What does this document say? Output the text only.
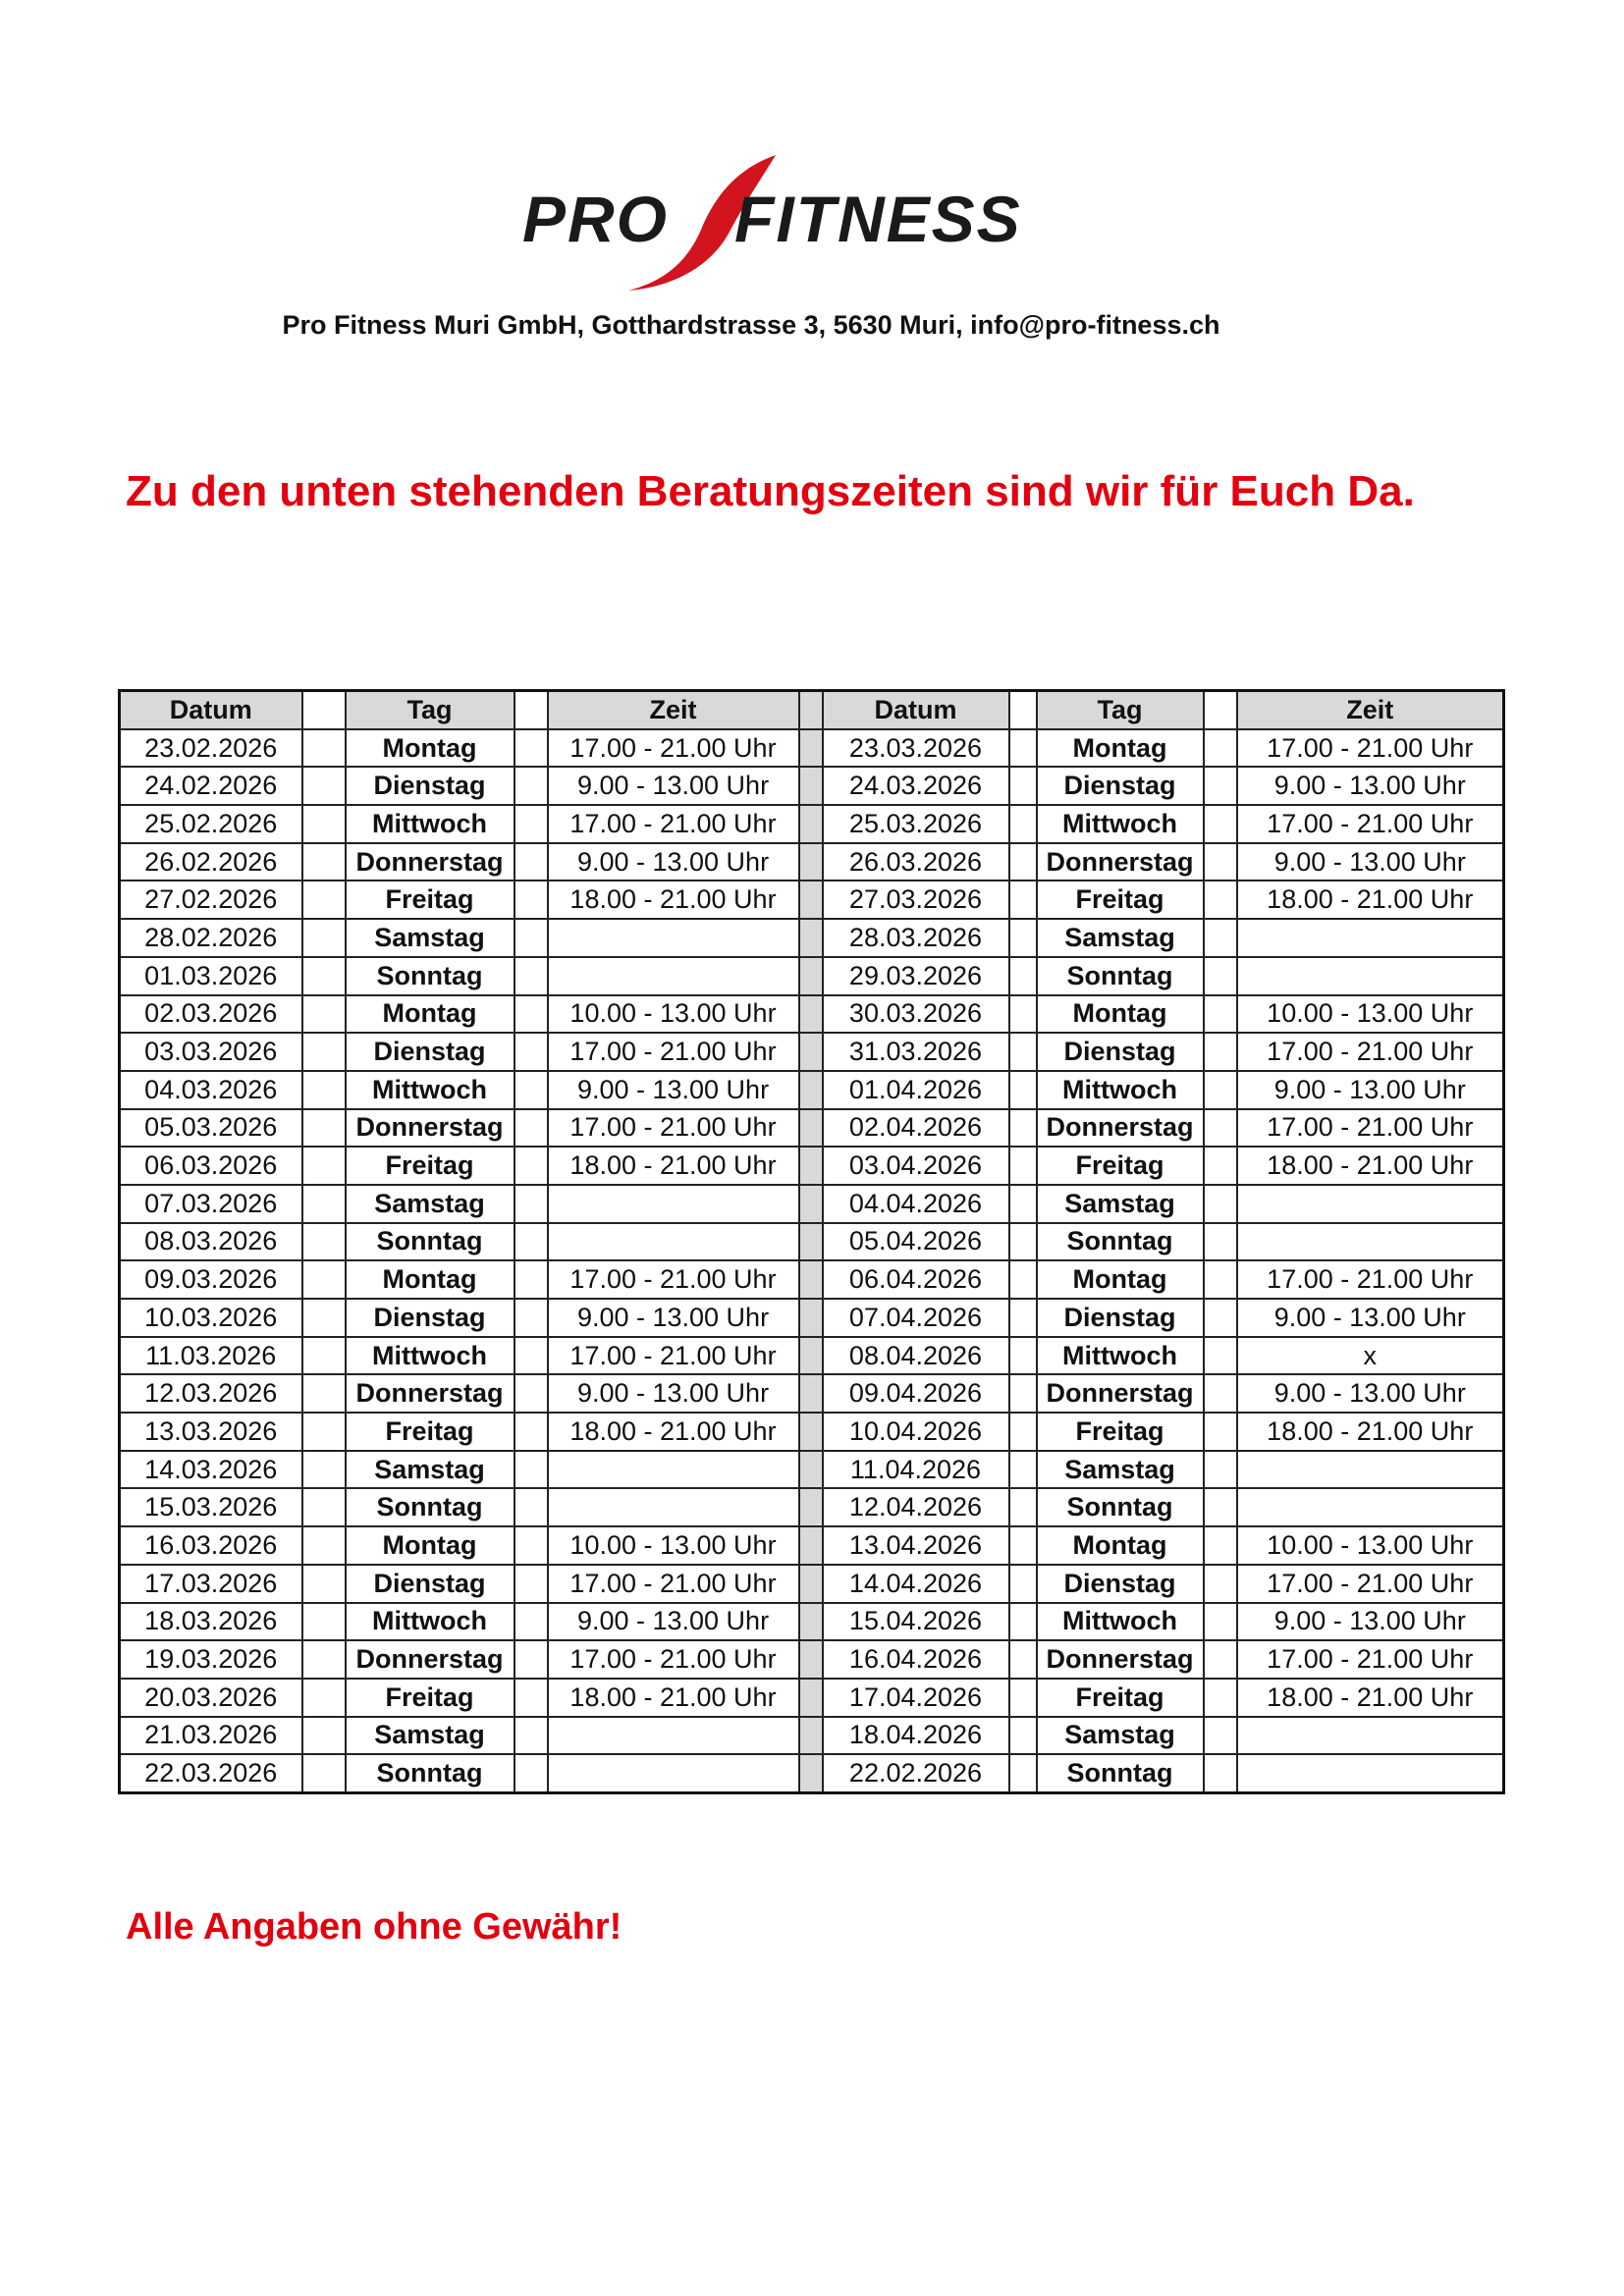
PRO FITNESS
Pro Fitness Muri GmbH, Gotthardstrasse 3, 5630 Muri, info@pro-fitness.ch
Zu den unten stehenden Beratungszeiten sind wir für Euch Da.
Datum		Tag		Zeit		Datum		Tag		Zeit
23.02.2026		Montag		17.00 - 21.00 Uhr		23.03.2026		Montag		17.00 - 21.00 Uhr
24.02.2026		Dienstag		9.00 - 13.00 Uhr		24.03.2026		Dienstag		9.00 - 13.00 Uhr
25.02.2026		Mittwoch		17.00 - 21.00 Uhr		25.03.2026		Mittwoch		17.00 - 21.00 Uhr
26.02.2026		Donnerstag		9.00 - 13.00 Uhr		26.03.2026		Donnerstag		9.00 - 13.00 Uhr
27.02.2026		Freitag		18.00 - 21.00 Uhr		27.03.2026		Freitag		18.00 - 21.00 Uhr
28.02.2026		Samstag				28.03.2026		Samstag		
01.03.2026		Sonntag				29.03.2026		Sonntag		
02.03.2026		Montag		10.00 - 13.00 Uhr		30.03.2026		Montag		10.00 - 13.00 Uhr
03.03.2026		Dienstag		17.00 - 21.00 Uhr		31.03.2026		Dienstag		17.00 - 21.00 Uhr
04.03.2026		Mittwoch		9.00 - 13.00 Uhr		01.04.2026		Mittwoch		9.00 - 13.00 Uhr
05.03.2026		Donnerstag		17.00 - 21.00 Uhr		02.04.2026		Donnerstag		17.00 - 21.00 Uhr
06.03.2026		Freitag		18.00 - 21.00 Uhr		03.04.2026		Freitag		18.00 - 21.00 Uhr
07.03.2026		Samstag				04.04.2026		Samstag		
08.03.2026		Sonntag				05.04.2026		Sonntag		
09.03.2026		Montag		17.00 - 21.00 Uhr		06.04.2026		Montag		17.00 - 21.00 Uhr
10.03.2026		Dienstag		9.00 - 13.00 Uhr		07.04.2026		Dienstag		9.00 - 13.00 Uhr
11.03.2026		Mittwoch		17.00 - 21.00 Uhr		08.04.2026		Mittwoch		x
12.03.2026		Donnerstag		9.00 - 13.00 Uhr		09.04.2026		Donnerstag		9.00 - 13.00 Uhr
13.03.2026		Freitag		18.00 - 21.00 Uhr		10.04.2026		Freitag		18.00 - 21.00 Uhr
14.03.2026		Samstag				11.04.2026		Samstag		
15.03.2026		Sonntag				12.04.2026		Sonntag		
16.03.2026		Montag		10.00 - 13.00 Uhr		13.04.2026		Montag		10.00 - 13.00 Uhr
17.03.2026		Dienstag		17.00 - 21.00 Uhr		14.04.2026		Dienstag		17.00 - 21.00 Uhr
18.03.2026		Mittwoch		9.00 - 13.00 Uhr		15.04.2026		Mittwoch		9.00 - 13.00 Uhr
19.03.2026		Donnerstag		17.00 - 21.00 Uhr		16.04.2026		Donnerstag		17.00 - 21.00 Uhr
20.03.2026		Freitag		18.00 - 21.00 Uhr		17.04.2026		Freitag		18.00 - 21.00 Uhr
21.03.2026		Samstag				18.04.2026		Samstag		
22.03.2026		Sonntag				22.02.2026		Sonntag		
Alle Angaben ohne Gewähr!
